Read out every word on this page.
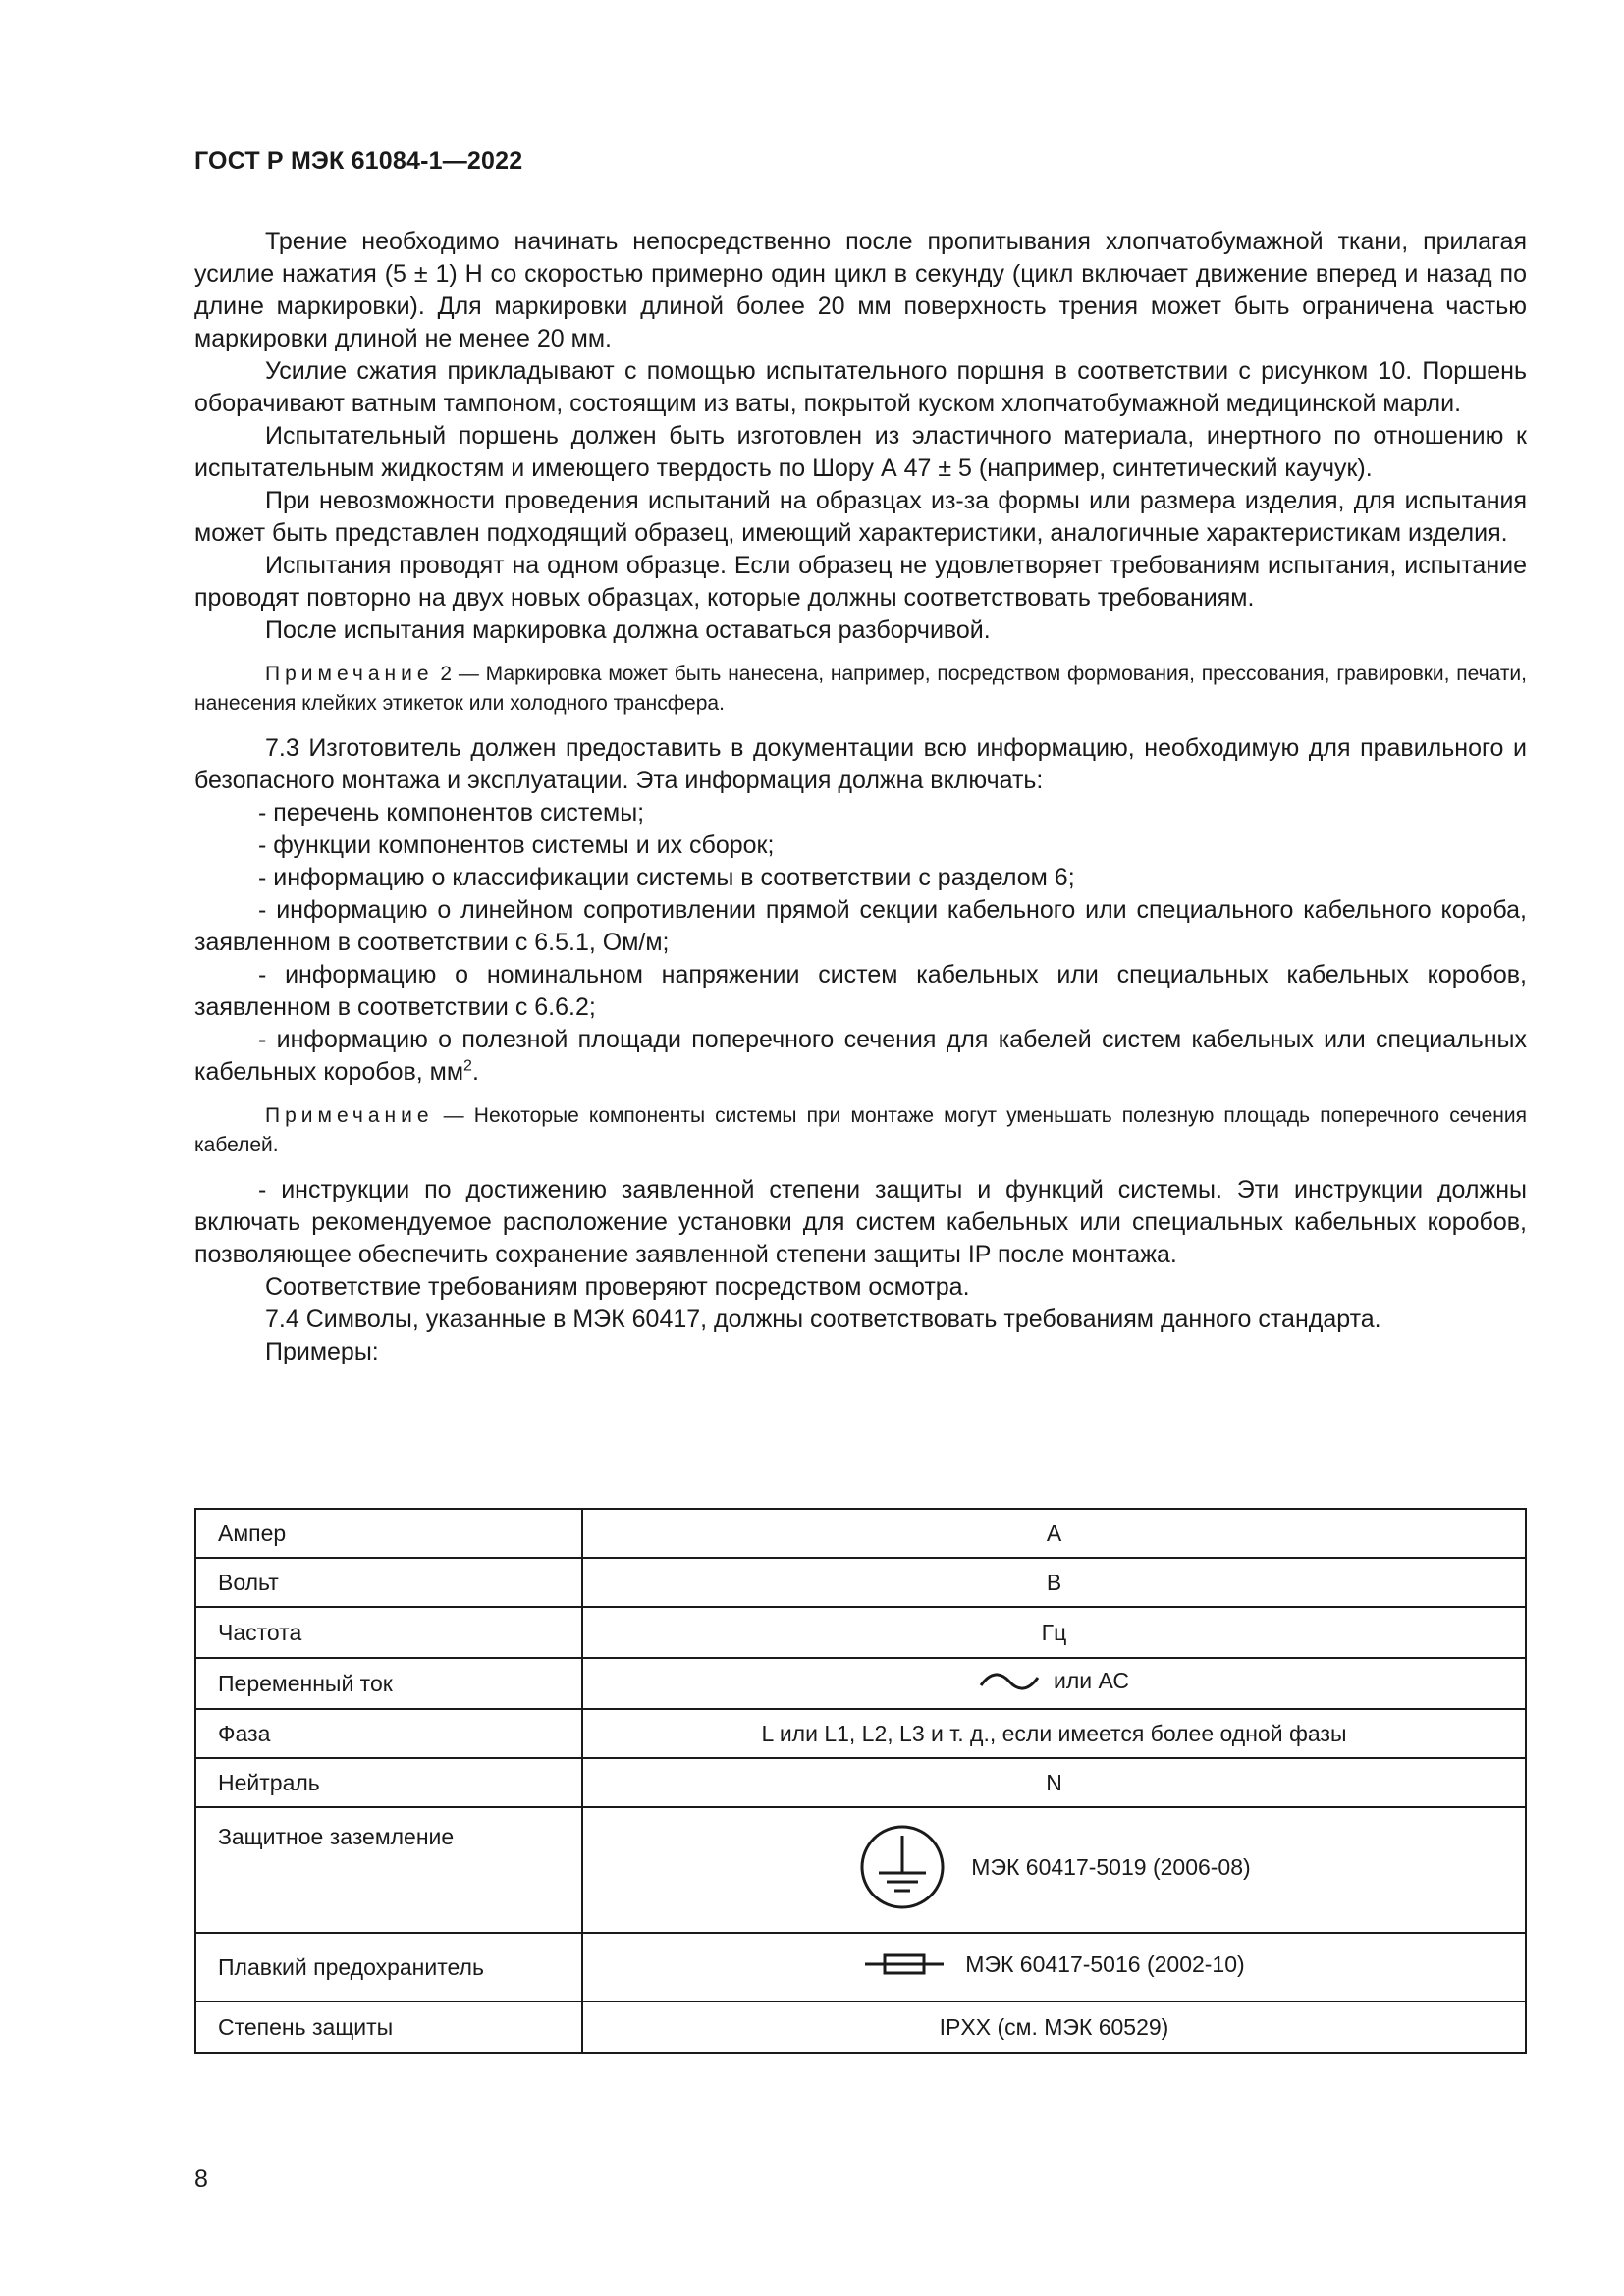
ГОСТ Р МЭК 61084-1—2022

Трение необходимо начинать непосредственно после пропитывания хлопчатобумажной ткани, прилагая усилие нажатия (5 ± 1) Н со скоростью примерно один цикл в секунду (цикл включает движение вперед и назад по длине маркировки). Для маркировки длиной более 20 мм поверхность трения может быть ограничена частью маркировки длиной не менее 20 мм.

Усилие сжатия прикладывают с помощью испытательного поршня в соответствии с рисунком 10. Поршень оборачивают ватным тампоном, состоящим из ваты, покрытой куском хлопчатобумажной медицинской марли.

Испытательный поршень должен быть изготовлен из эластичного материала, инертного по отношению к испытательным жидкостям и имеющего твердость по Шору А 47 ± 5 (например, синтетический каучук).

При невозможности проведения испытаний на образцах из-за формы или размера изделия, для испытания может быть представлен подходящий образец, имеющий характеристики, аналогичные характеристикам изделия.

Испытания проводят на одном образце. Если образец не удовлетворяет требованиям испытания, испытание проводят повторно на двух новых образцах, которые должны соответствовать требованиям.

После испытания маркировка должна оставаться разборчивой.

Примечание 2 — Маркировка может быть нанесена, например, посредством формования, прессования, гравировки, печати, нанесения клейких этикеток или холодного трансфера.

7.3 Изготовитель должен предоставить в документации всю информацию, необходимую для правильного и безопасного монтажа и эксплуатации. Эта информация должна включать:

- перечень компонентов системы;

- функции компонентов системы и их сборок;

- информацию о классификации системы в соответствии с разделом 6;

- информацию о линейном сопротивлении прямой секции кабельного или специального кабельного короба, заявленном в соответствии с 6.5.1, Ом/м;

- информацию о номинальном напряжении систем кабельных или специальных кабельных коробов, заявленном в соответствии с 6.6.2;

- информацию о полезной площади поперечного сечения для кабелей систем кабельных или специальных кабельных коробов, $мм^2$.

Примечание — Некоторые компоненты системы при монтаже могут уменьшать полезную площадь поперечного сечения кабелей.

- инструкции по достижению заявленной степени защиты и функций системы. Эти инструкции должны включать рекомендуемое расположение установки для систем кабельных или специальных кабельных коробов, позволяющее обеспечить сохранение заявленной степени защиты IP после монтажа.

Соответствие требованиям проверяют посредством осмотра.

7.4 Символы, указанные в МЭК 60417, должны соответствовать требованиям данного стандарта.

Примеры:

Ампер	А
Вольт	В
Частота	Гц
Переменный ток	или АС

Фаза	L или L1, L2, L3 и т. д., если имеется более одной фазы
Нейтраль	N
Защитное заземление	МЭК 60417-5019 (2006-08)

Плавкий предохранитель	МЭК 60417-5016 (2002-10)

Степень защиты	IPXX (см. МЭК 60529)
8
